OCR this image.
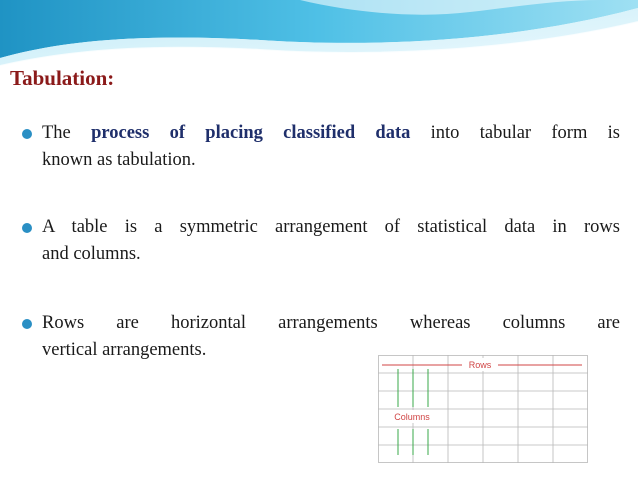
Tabulation:
The process of placing classified data into tabular form is
known as tabulation.
A table is a symmetric arrangement of statistical data in rows
and columns.
Rows are horizontal arrangements whereas columns are
vertical arrangements.
Rows
Columns
